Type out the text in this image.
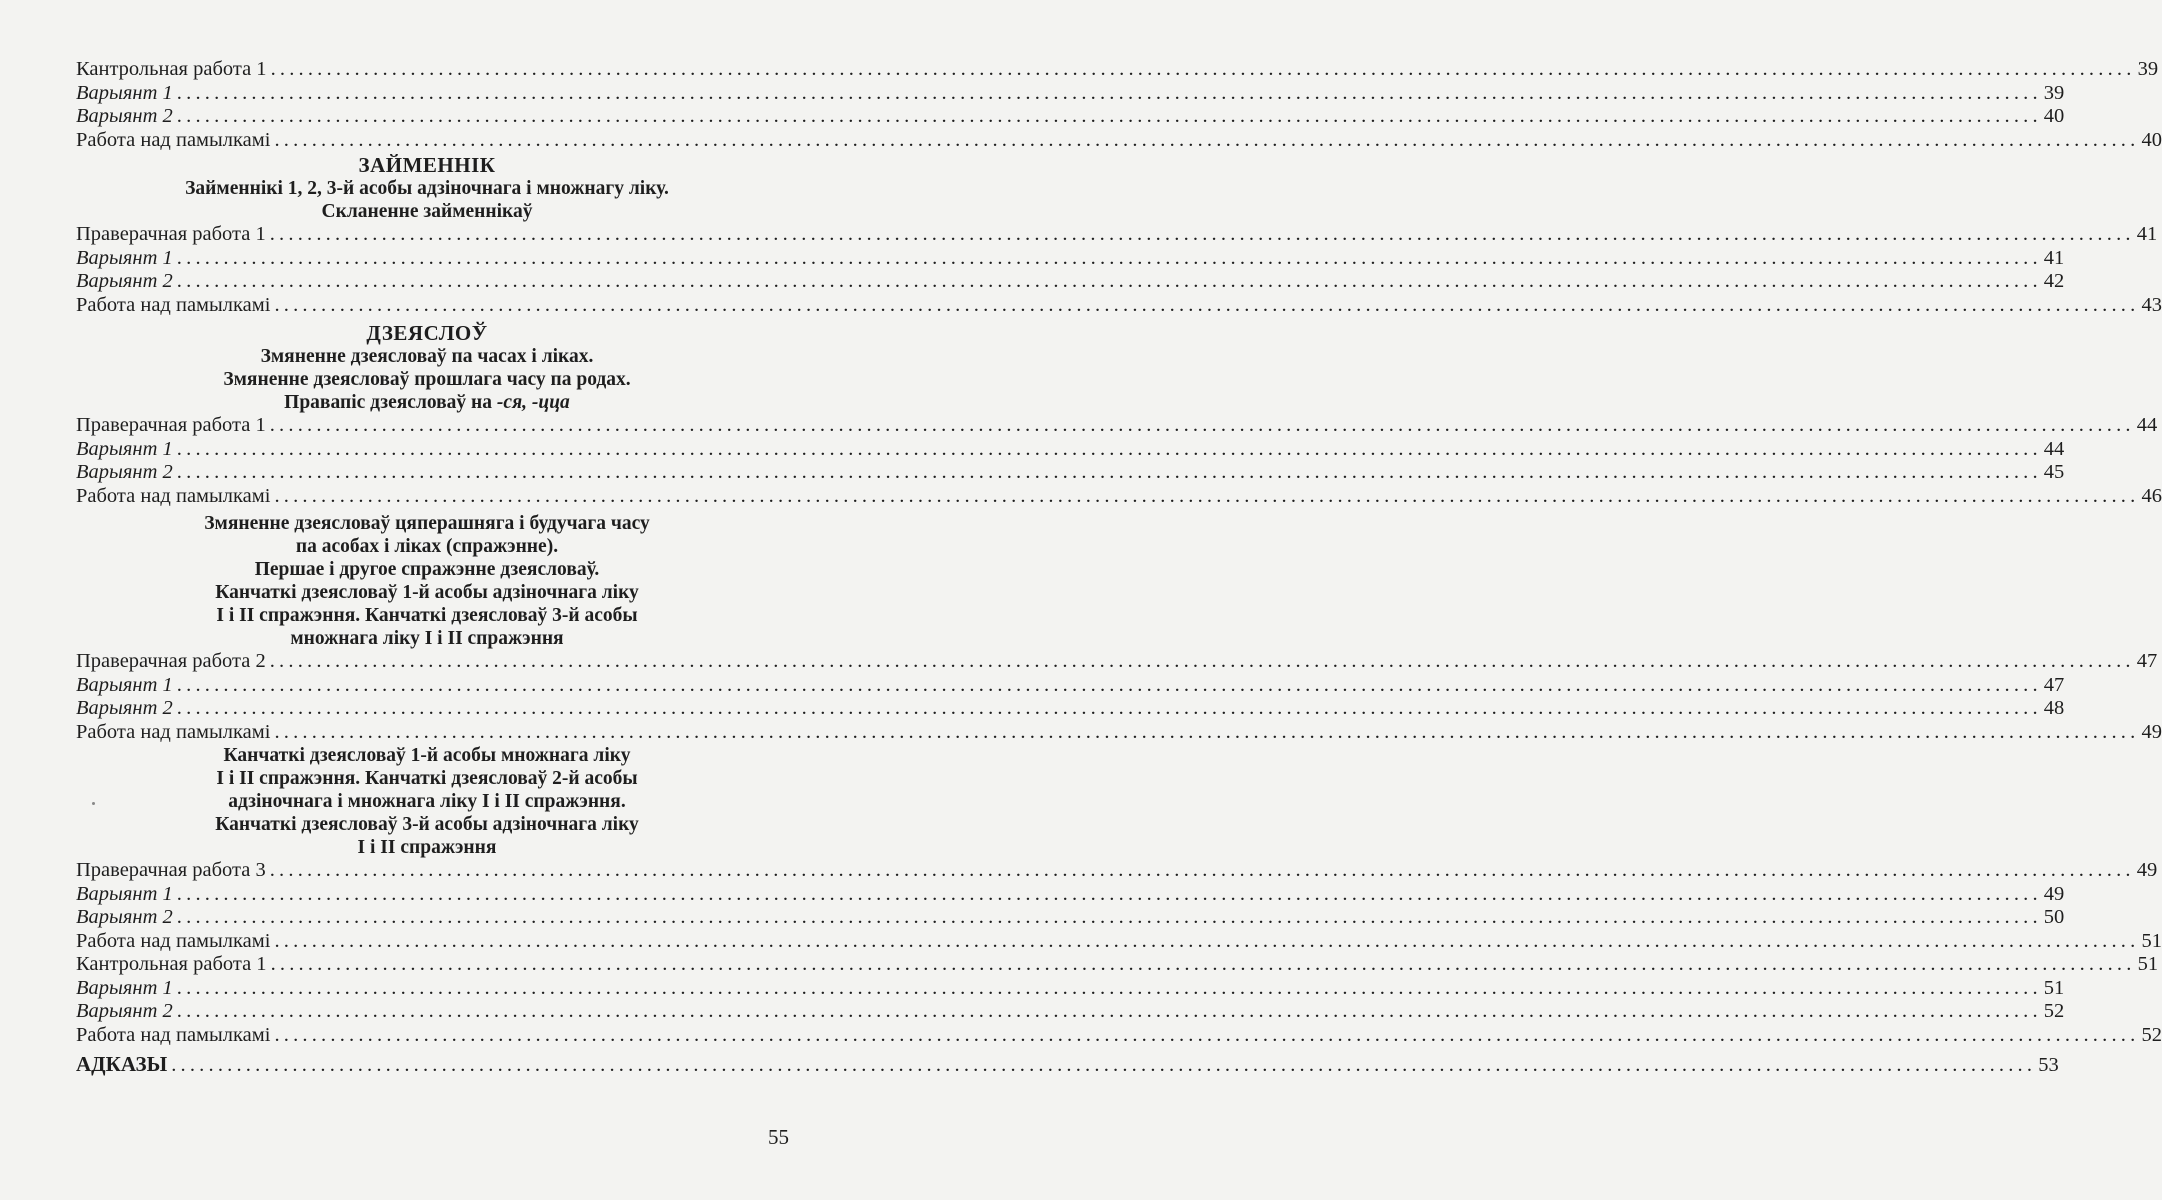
Кантрольная работа 1 ........................................................................................................................................................................................................ 39
Варыянт 1 ........................................................................................................................................................................................................ 39
Варыянт 2 ........................................................................................................................................................................................................ 40
Работа над памылкамі ........................................................................................................................................................................................................ 40
ЗАЙМЕННІК
Займеннікі 1, 2, 3-й асобы адзіночнага і множнагу ліку.
Скланенне займеннікаў
Праверачная работа 1 ........................................................................................................................................................................................................ 41
Варыянт 1 ........................................................................................................................................................................................................ 41
Варыянт 2 ........................................................................................................................................................................................................ 42
Работа над памылкамі ........................................................................................................................................................................................................ 43
ДЗЕЯСЛОЎ
Змяненне дзеясловаў па часах і ліках.
Змяненне дзеясловаў прошлага часу па родах.
Правапіс дзеясловаў на -ся, -цца
Праверачная работа 1 ........................................................................................................................................................................................................ 44
Варыянт 1 ........................................................................................................................................................................................................ 44
Варыянт 2 ........................................................................................................................................................................................................ 45
Работа над памылкамі ........................................................................................................................................................................................................ 46
Змяненне дзеясловаў цяперашняга і будучага часу
па асобах і ліках (спражэнне).
Першае і другое спражэнне дзеясловаў.
Канчаткі дзеясловаў 1-й асобы адзіночнага ліку
I і II спражэння. Канчаткі дзеясловаў 3-й асобы
множнага ліку I і II спражэння
Праверачная работа 2 ........................................................................................................................................................................................................ 47
Варыянт 1 ........................................................................................................................................................................................................ 47
Варыянт 2 ........................................................................................................................................................................................................ 48
Работа над памылкамі ........................................................................................................................................................................................................ 49
Канчаткі дзеясловаў 1-й асобы множнага ліку
I і II спражэння. Канчаткі дзеясловаў 2-й асобы
адзіночнага і множнага ліку I і II спражэння.
Канчаткі дзеясловаў 3-й асобы адзіночнага ліку
I і II спражэння
Праверачная работа 3 ........................................................................................................................................................................................................ 49
Варыянт 1 ........................................................................................................................................................................................................ 49
Варыянт 2 ........................................................................................................................................................................................................ 50
Работа над памылкамі ........................................................................................................................................................................................................ 51
Кантрольная работа 1 ........................................................................................................................................................................................................ 51
Варыянт 1 ........................................................................................................................................................................................................ 51
Варыянт 2 ........................................................................................................................................................................................................ 52
Работа над памылкамі ........................................................................................................................................................................................................ 52
АДКАЗЫ ........................................................................................................................................................................................................ 53
55
